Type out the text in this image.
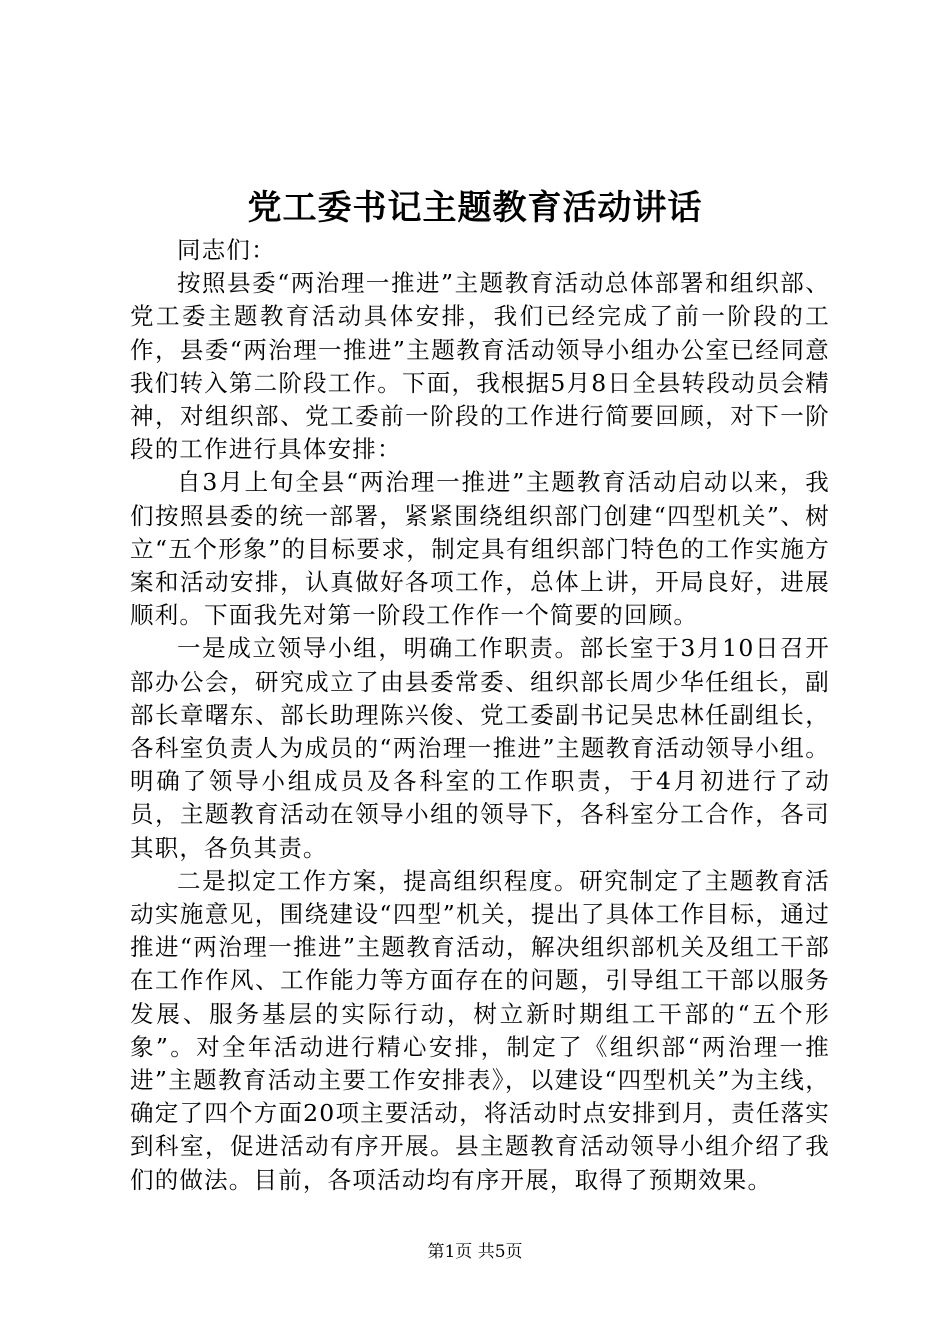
党工委书记主题教育活动讲话

同志们：

按照县委“两治理一推进”主题教育活动总体部署和组织部、党工委主题教育活动具体安排，我们已经完成了前一阶段的工作，县委“两治理一推进”主题教育活动领导小组办公室已经同意我们转入第二阶段工作。下面，我根据5月8日全县转段动员会精神，对组织部、党工委前一阶段的工作进行简要回顾，对下一阶段的工作进行具体安排：

自3月上旬全县“两治理一推进”主题教育活动启动以来，我们按照县委的统一部署，紧紧围绕组织部门创建“四型机关”、树立“五个形象”的目标要求，制定具有组织部门特色的工作实施方案和活动安排，认真做好各项工作，总体上讲，开局良好，进展顺利。下面我先对第一阶段工作作一个简要的回顾。

一是成立领导小组，明确工作职责。部长室于3月10日召开部办公会，研究成立了由县委常委、组织部长周少华任组长，副部长章曙东、部长助理陈兴俊、党工委副书记吴忠林任副组长，各科室负责人为成员的“两治理一推进”主题教育活动领导小组。明确了领导小组成员及各科室的工作职责，于4月初进行了动员，主题教育活动在领导小组的领导下，各科室分工合作，各司其职，各负其责。

二是拟定工作方案，提高组织程度。研究制定了主题教育活动实施意见，围绕建设“四型”机关，提出了具体工作目标，通过推进“两治理一推进”主题教育活动，解决组织部机关及组工干部在工作作风、工作能力等方面存在的问题，引导组工干部以服务发展、服务基层的实际行动，树立新时期组工干部的“五个形象”。对全年活动进行精心安排，制定了《组织部“两治理一推进”主题教育活动主要工作安排表》，以建设“四型机关”为主线，确定了四个方面20项主要活动，将活动时点安排到月，责任落实到科室，促进活动有序开展。县主题教育活动领导小组介绍了我们的做法。目前，各项活动均有序开展，取得了预期效果。

第1页 共5页
